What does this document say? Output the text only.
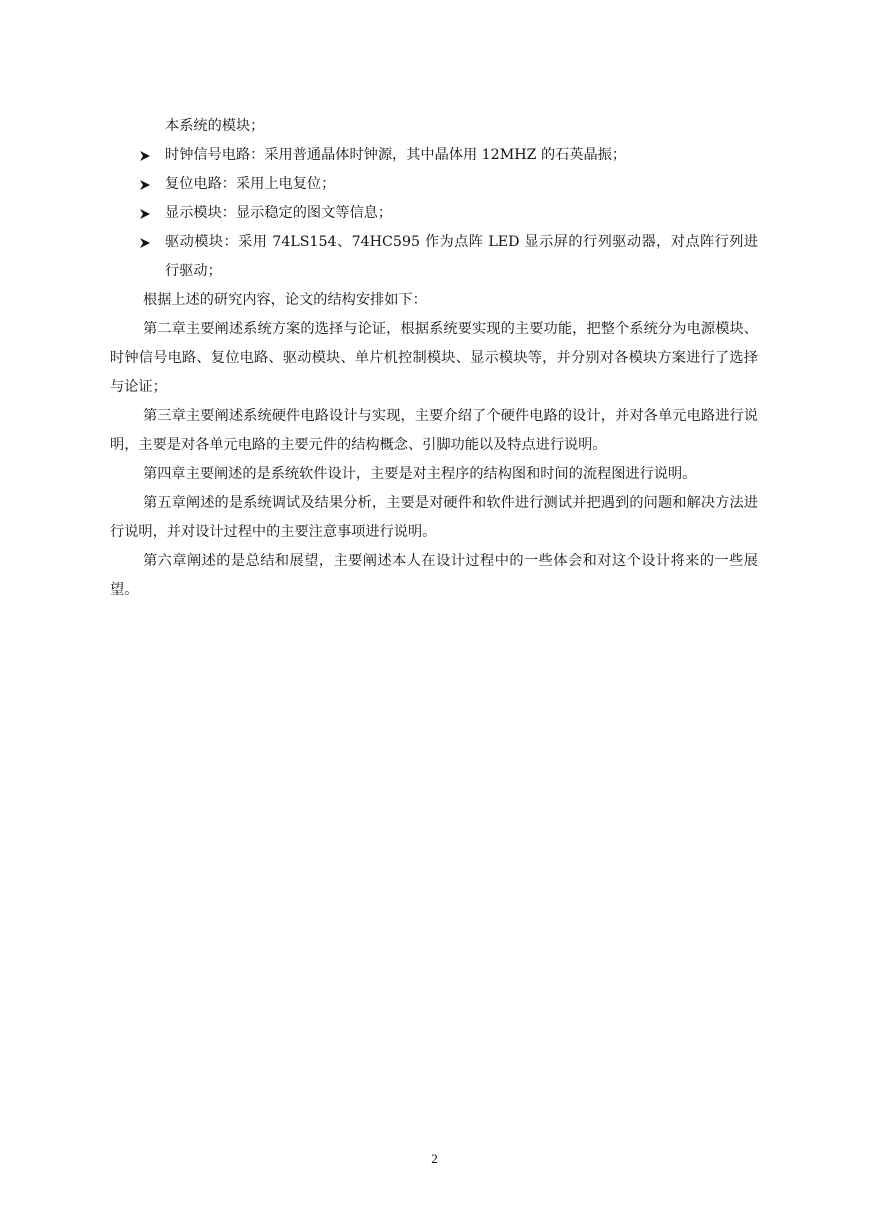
本系统的模块；
时钟信号电路：采用普通晶体时钟源，其中晶体用 12MHZ 的石英晶振；
复位电路：采用上电复位；
显示模块：显示稳定的图文等信息；
驱动模块：采用 74LS154、74HC595 作为点阵 LED 显示屏的行列驱动器，对点阵行列进行驱动；
根据上述的研究内容，论文的结构安排如下：
第二章主要阐述系统方案的选择与论证，根据系统要实现的主要功能，把整个系统分为电源模块、时钟信号电路、复位电路、驱动模块、单片机控制模块、显示模块等，并分别对各模块方案进行了选择与论证；
第三章主要阐述系统硬件电路设计与实现，主要介绍了个硬件电路的设计，并对各单元电路进行说明，主要是对各单元电路的主要元件的结构概念、引脚功能以及特点进行说明。
第四章主要阐述的是系统软件设计，主要是对主程序的结构图和时间的流程图进行说明。
第五章阐述的是系统调试及结果分析，主要是对硬件和软件进行测试并把遇到的问题和解决方法进行说明，并对设计过程中的主要注意事项进行说明。
第六章阐述的是总结和展望，主要阐述本人在设计过程中的一些体会和对这个设计将来的一些展望。
2
